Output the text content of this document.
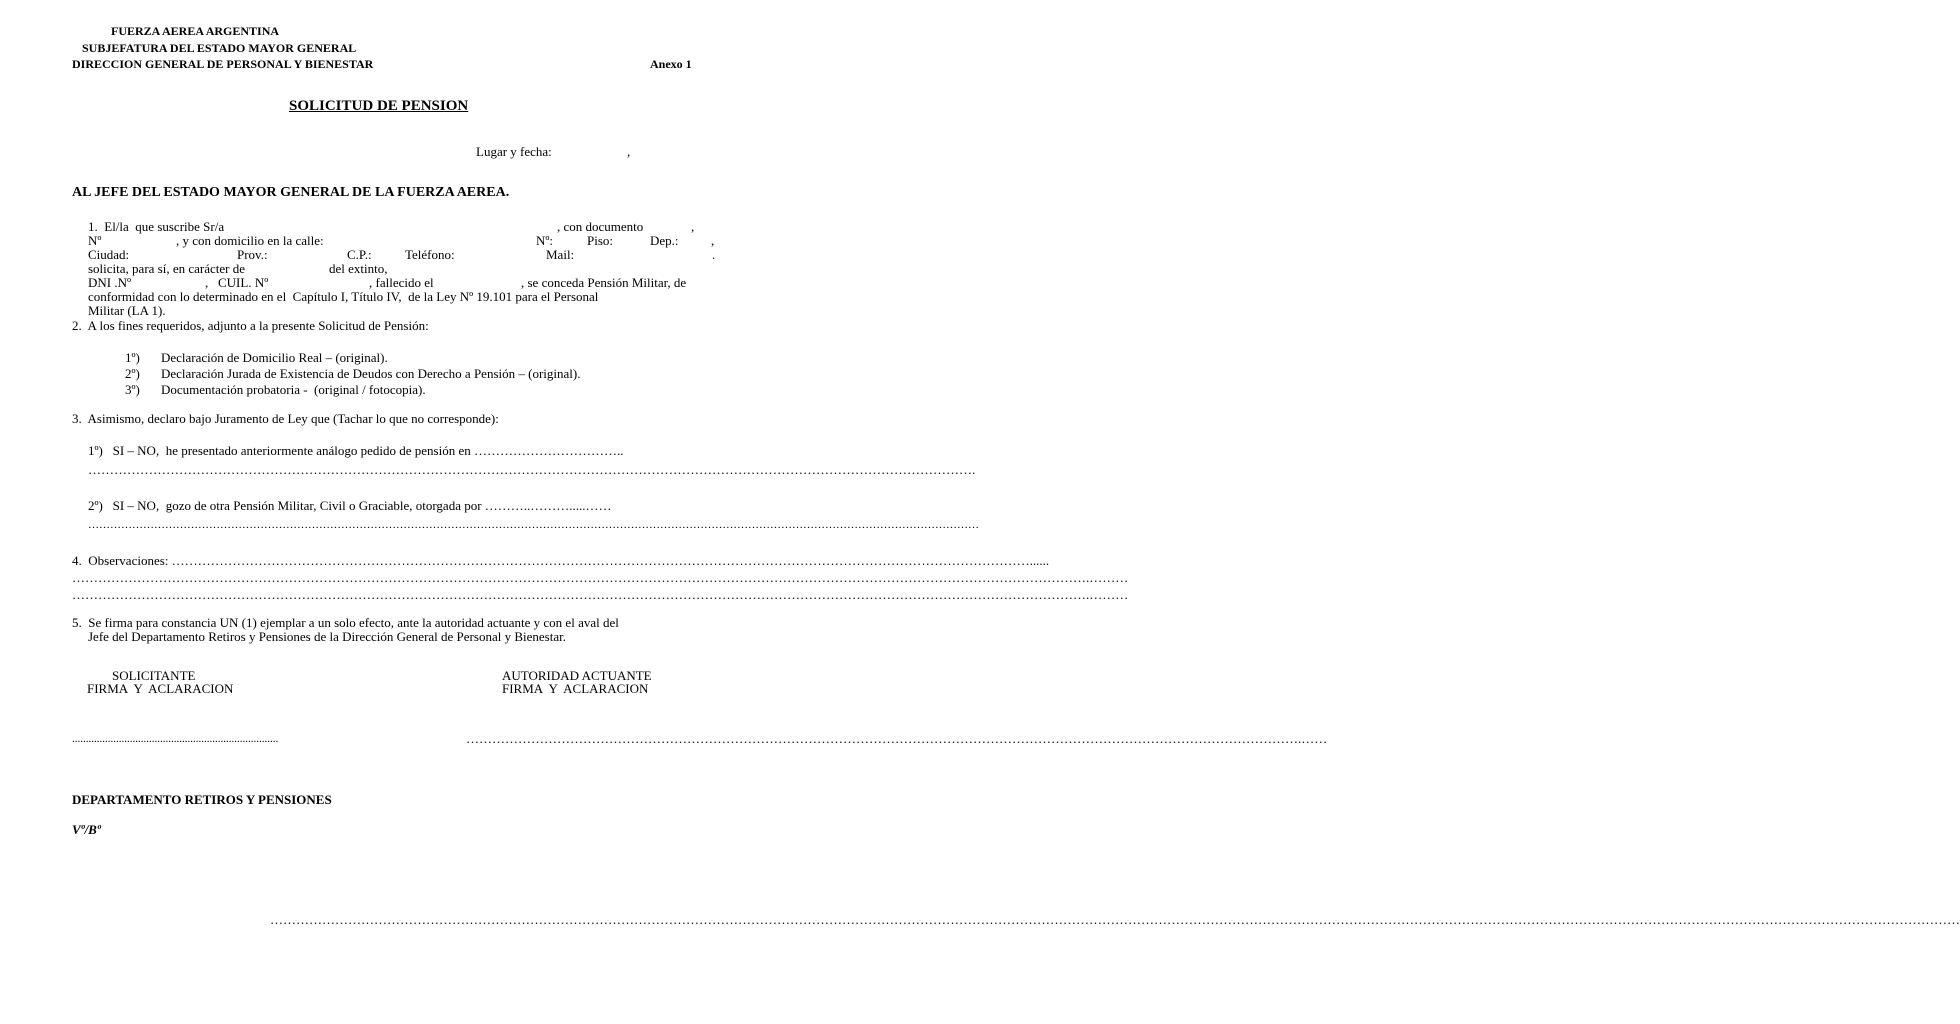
FUERZA AEREA ARGENTINA
SUBJEFATURA DEL ESTADO MAYOR GENERAL
DIRECCION GENERAL DE PERSONAL Y BIENESTAR	Anexo 1
SOLICITUD DE PENSION
Lugar y fecha:	,
AL JEFE DEL ESTADO MAYOR GENERAL DE LA FUERZA AEREA.
1.  El/la  que suscribe Sr/a	, con documento	,
Nº	, y con domicilio en la calle:	Nº:	Piso:	Dep.: ,
Ciudad:	Prov.:	C.P.:	Teléfono:	Mail:	.
solicita, para sí, en carácter de	del extinto,
DNI .Nº	,   CUIL. Nº	, fallecido el	, se conceda Pensión Militar, de
conformidad con lo determinado en el  Capítulo I, Título IV,  de la Ley Nº 19.101 para el Personal
Militar (LA 1).
2.  A los fines requeridos, adjunto a la presente Solicitud de Pensión:
1º) Declaración de Domicilio Real – (original).
2º) Declaración Jurada de Existencia de Deudos con Derecho a Pensión – (original).
3º) Documentación probatoria -  (original / fotocopia).
3.  Asimismo, declaro bajo Juramento de Ley que (Tachar lo que no corresponde):
1º)   SI – NO,  he presentado anteriormente análogo pedido de pensión en ……………………………..
…………………………………………………………………………………………………………………………………………………………………………………….
2º)   SI – NO,  gozo de otra Pensión Militar, Civil o Graciable, otorgada por ………..……….....……
………………………………………………………………………………………………………………………………………………………………………………………………………………………
4.  Observaciones: ………………………………………………………………………………………………………………………………………………………………………………......
……………………………………………………………………………………………………………………………………………………………………………………………………………….………
……………………………………………………………………………………………………………………………………………………………………………………………………………….………
5.  Se firma para constancia UN (1) ejemplar a un solo efecto, ante la autoridad actuante y con el aval del
Jefe del Departamento Retiros y Pensiones de la Dirección General de Personal y Bienestar.
SOLICITANTE
FIRMA  Y  ACLARACION
AUTORIDAD ACTUANTE
FIRMA  Y  ACLARACION
...........................................................................	………………………………………………………………………………………………………………………………………………………………………….……
DEPARTAMENTO RETIROS Y PENSIONES
Vº/Bº
…………………………………………………………………………………………………………………………………………………………………………………………………………………………………………………………………………………………………………………………………………………………
